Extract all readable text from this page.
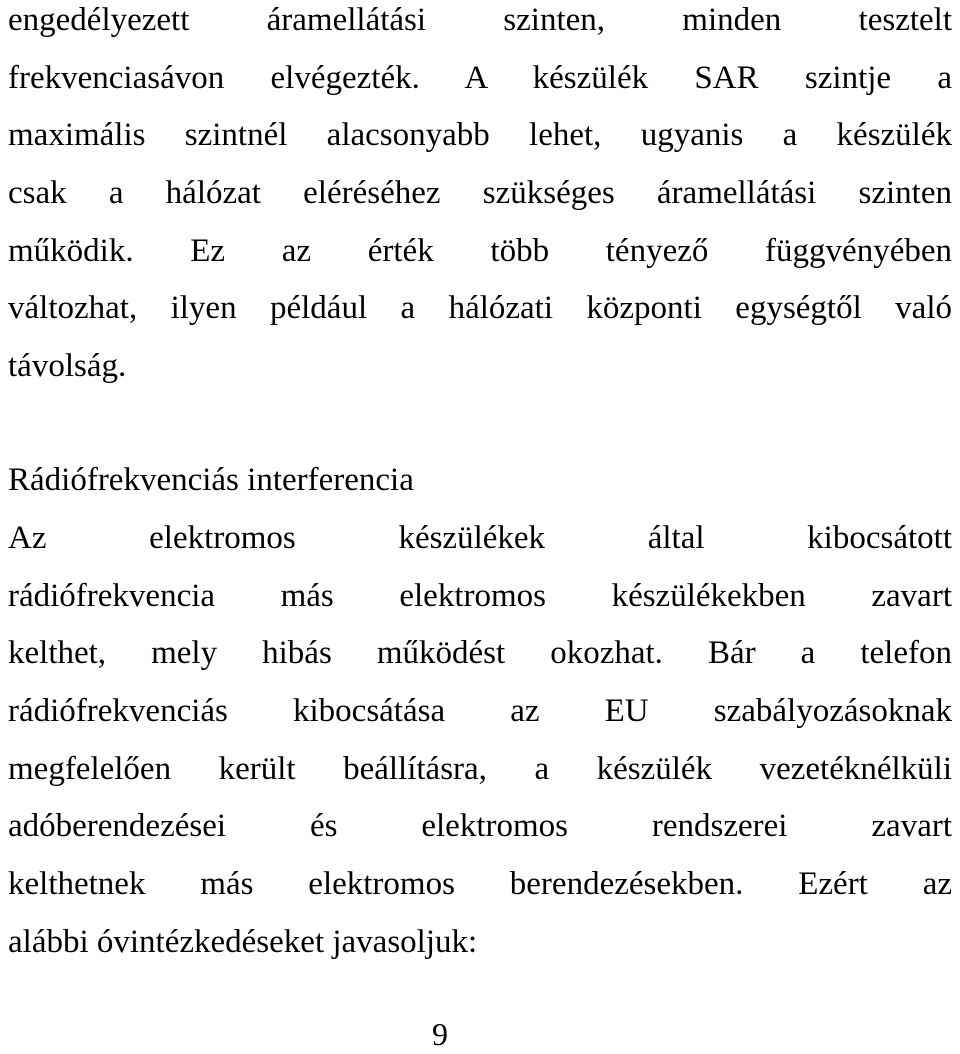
engedélyezett áramellátási szinten, minden tesztelt
frekvenciasávon elvégezték. A készülék SAR szintje a
maximális szintnél alacsonyabb lehet, ugyanis a készülék
csak a hálózat eléréséhez szükséges áramellátási szinten
működik. Ez az érték több tényező függvényében
változhat, ilyen például a hálózati központi egységtől való
távolság.
Rádiófrekvenciás interferencia
Az elektromos készülékek által kibocsátott
rádiófrekvencia más elektromos készülékekben zavart
kelthet, mely hibás működést okozhat. Bár a telefon
rádiófrekvenciás kibocsátása az EU szabályozásoknak
megfelelően került beállításra, a készülék vezetéknélküli
adóberendezései és elektromos rendszerei zavart
kelthetnek más elektromos berendezésekben. Ezért az
alábbi óvintézkedéseket javasoljuk:
9
